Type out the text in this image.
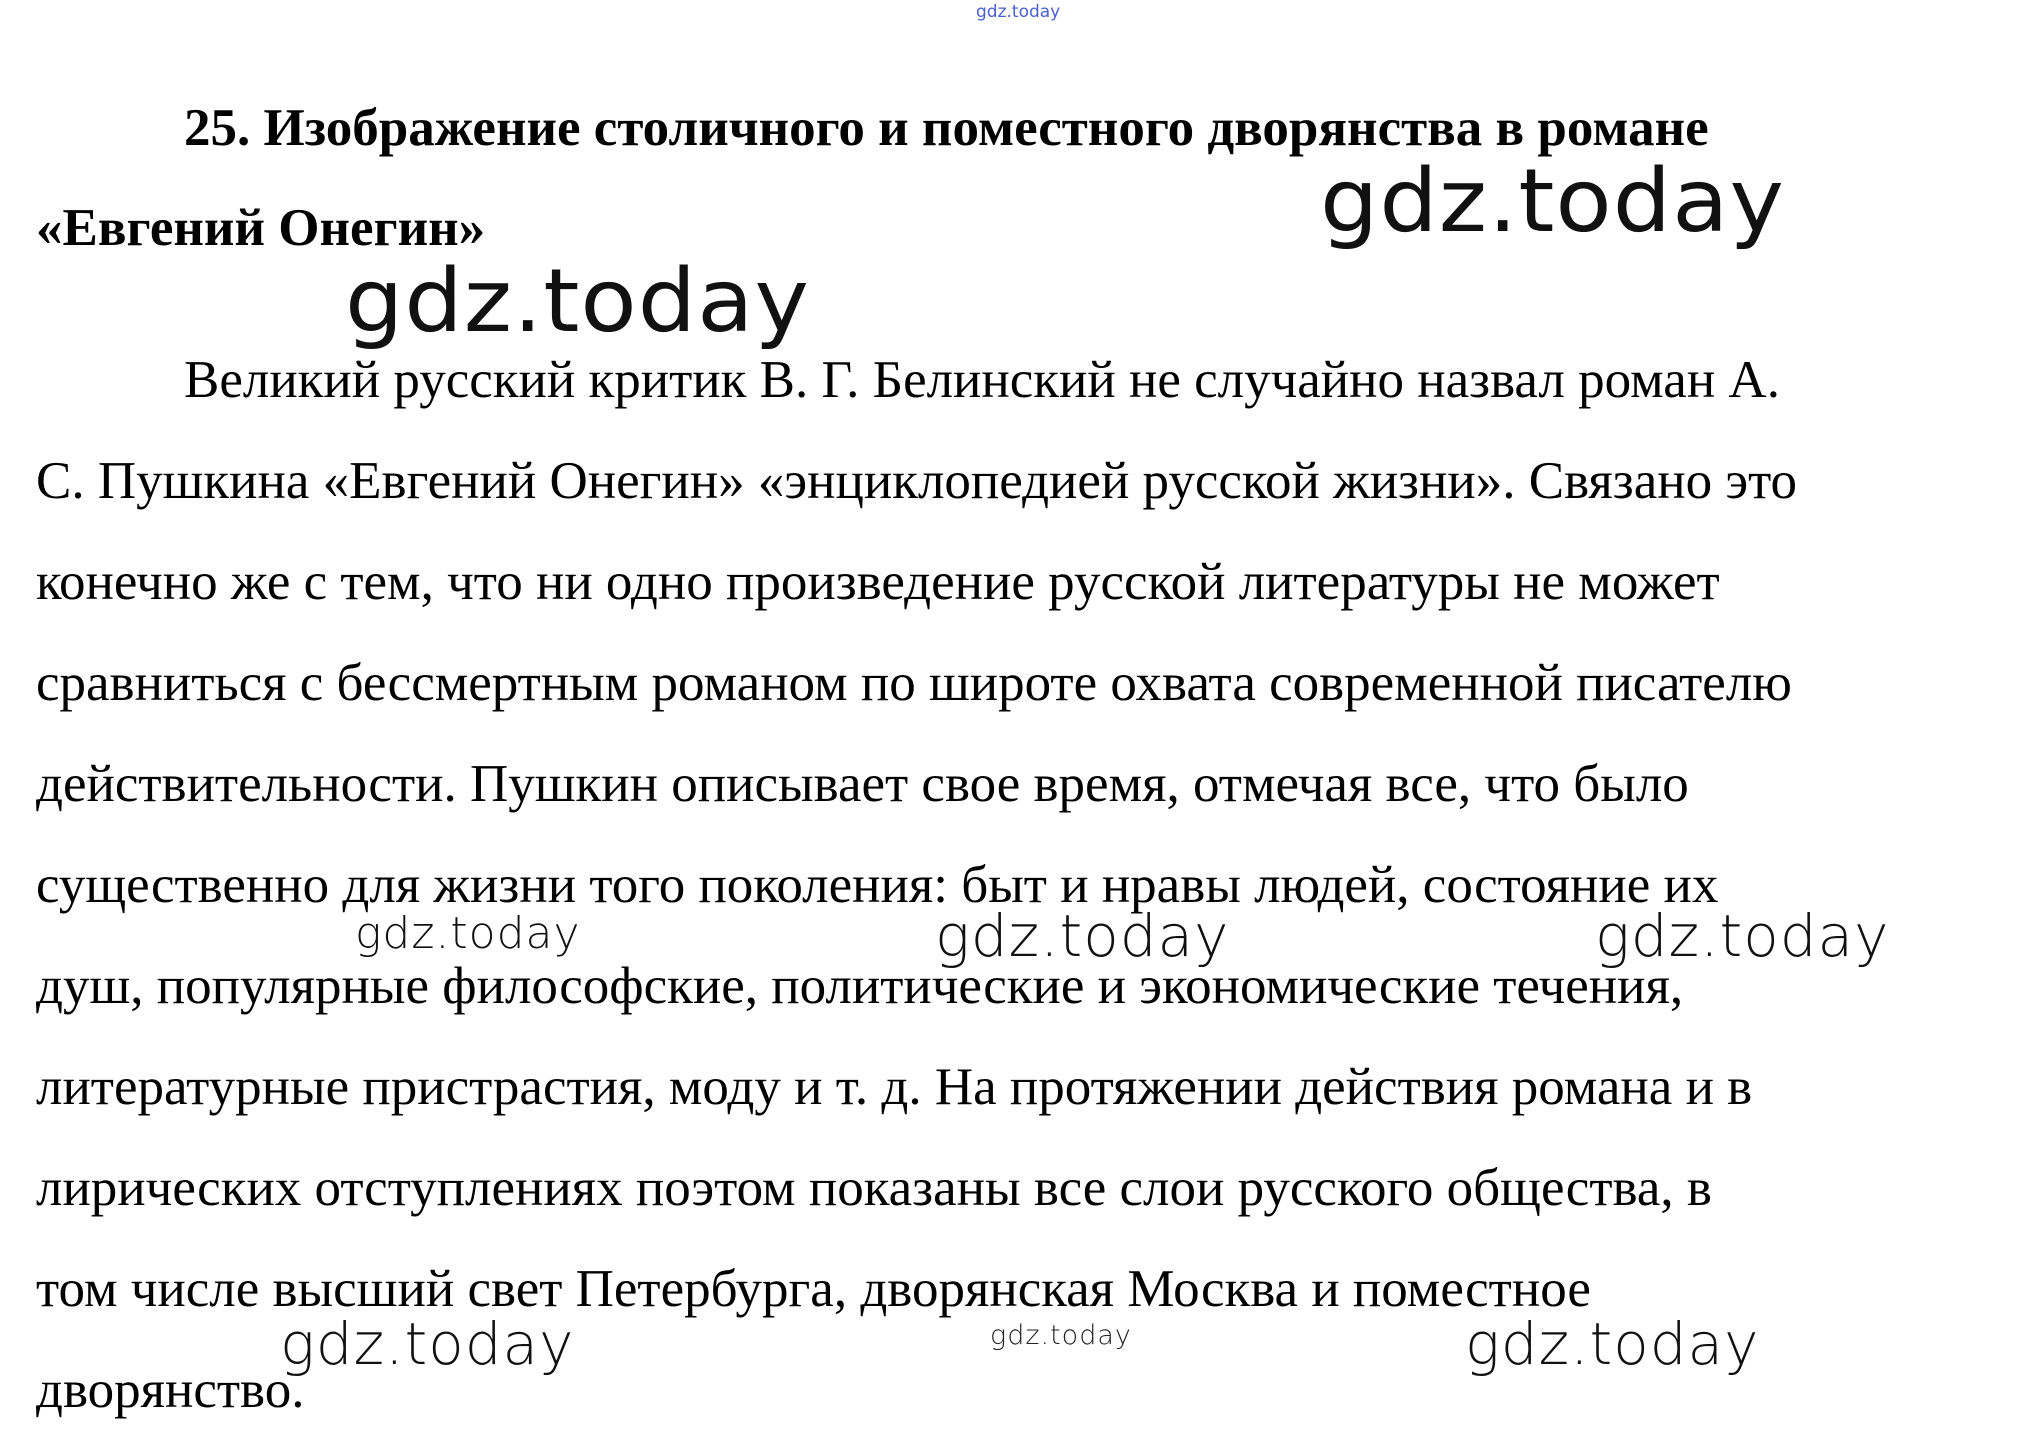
gdz.today
25. Изображение столичного и поместного дворянства в романе
«Евгений Онегин»
Великий русский критик В. Г. Белинский не случайно назвал роман А.
С. Пушкина «Евгений Онегин» «энциклопедией русской жизни». Связано это
конечно же с тем, что ни одно произведение русской литературы не может
сравниться с бессмертным романом по широте охвата современной писателю
действительности. Пушкин описывает свое время, отмечая все, что было
существенно для жизни того поколения: быт и нравы людей, состояние их
душ, популярные философские, политические и экономические течения,
литературные пристрастия, моду и т. д. На протяжении действия романа и в
лирических отступлениях поэтом показаны все слои русского общества, в
том числе высший свет Петербурга, дворянская Москва и поместное
дворянство.
gdz.today
gdz.today
gdz.today	gdz.today	gdz.today
gdz.today	gdz.today	gdz.today
